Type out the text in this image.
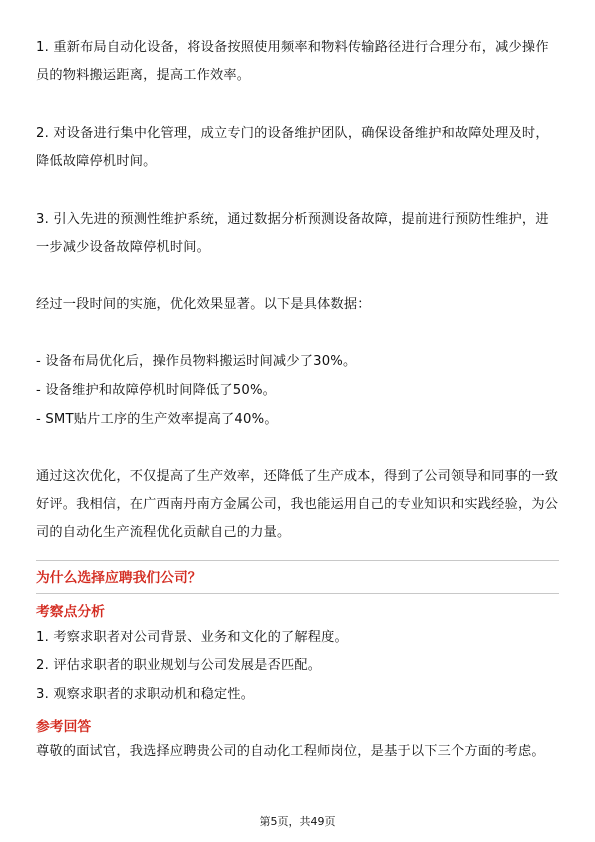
1. 重新布局自动化设备，将设备按照使用频率和物料传输路径进行合理分布，减少操作员的物料搬运距离，提高工作效率。

2. 对设备进行集中化管理，成立专门的设备维护团队，确保设备维护和故障处理及时，降低故障停机时间。

3. 引入先进的预测性维护系统，通过数据分析预测设备故障，提前进行预防性维护，进一步减少设备故障停机时间。

经过一段时间的实施，优化效果显著。以下是具体数据：

- 设备布局优化后，操作员物料搬运时间减少了30%。

- 设备维护和故障停机时间降低了50%。

- SMT贴片工序的生产效率提高了40%。

通过这次优化，不仅提高了生产效率，还降低了生产成本，得到了公司领导和同事的一致好评。我相信，在广西南丹南方金属公司，我也能运用自己的专业知识和实践经验，为公司的自动化生产流程优化贡献自己的力量。

为什么选择应聘我们公司？

考察点分析

1. 考察求职者对公司背景、业务和文化的了解程度。

2. 评估求职者的职业规划与公司发展是否匹配。

3. 观察求职者的求职动机和稳定性。

参考回答

尊敬的面试官，我选择应聘贵公司的自动化工程师岗位，是基于以下三个方面的考虑。

第5页，共49页
